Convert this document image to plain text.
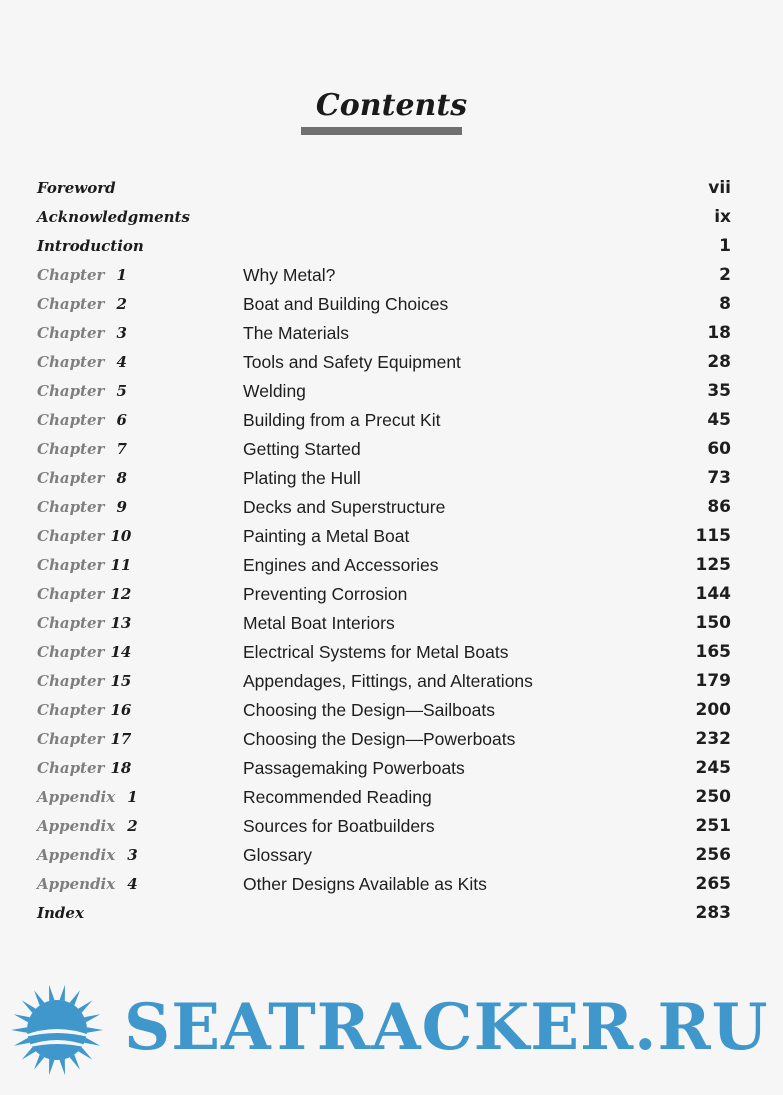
Contents
Foreword	vii
Acknowledgments	ix
Introduction	1
Chapter 1	Why Metal?	2
Chapter 2	Boat and Building Choices	8
Chapter 3	The Materials	18
Chapter 4	Tools and Safety Equipment	28
Chapter 5	Welding	35
Chapter 6	Building from a Precut Kit	45
Chapter 7	Getting Started	60
Chapter 8	Plating the Hull	73
Chapter 9	Decks and Superstructure	86
Chapter 10	Painting a Metal Boat	115
Chapter 11	Engines and Accessories	125
Chapter 12	Preventing Corrosion	144
Chapter 13	Metal Boat Interiors	150
Chapter 14	Electrical Systems for Metal Boats	165
Chapter 15	Appendages, Fittings, and Alterations	179
Chapter 16	Choosing the Design—Sailboats	200
Chapter 17	Choosing the Design—Powerboats	232
Chapter 18	Passagemaking Powerboats	245
Appendix 1	Recommended Reading	250
Appendix 2	Sources for Boatbuilders	251
Appendix 3	Glossary	256
Appendix 4	Other Designs Available as Kits	265
Index	283
SEATRACKER.RU
